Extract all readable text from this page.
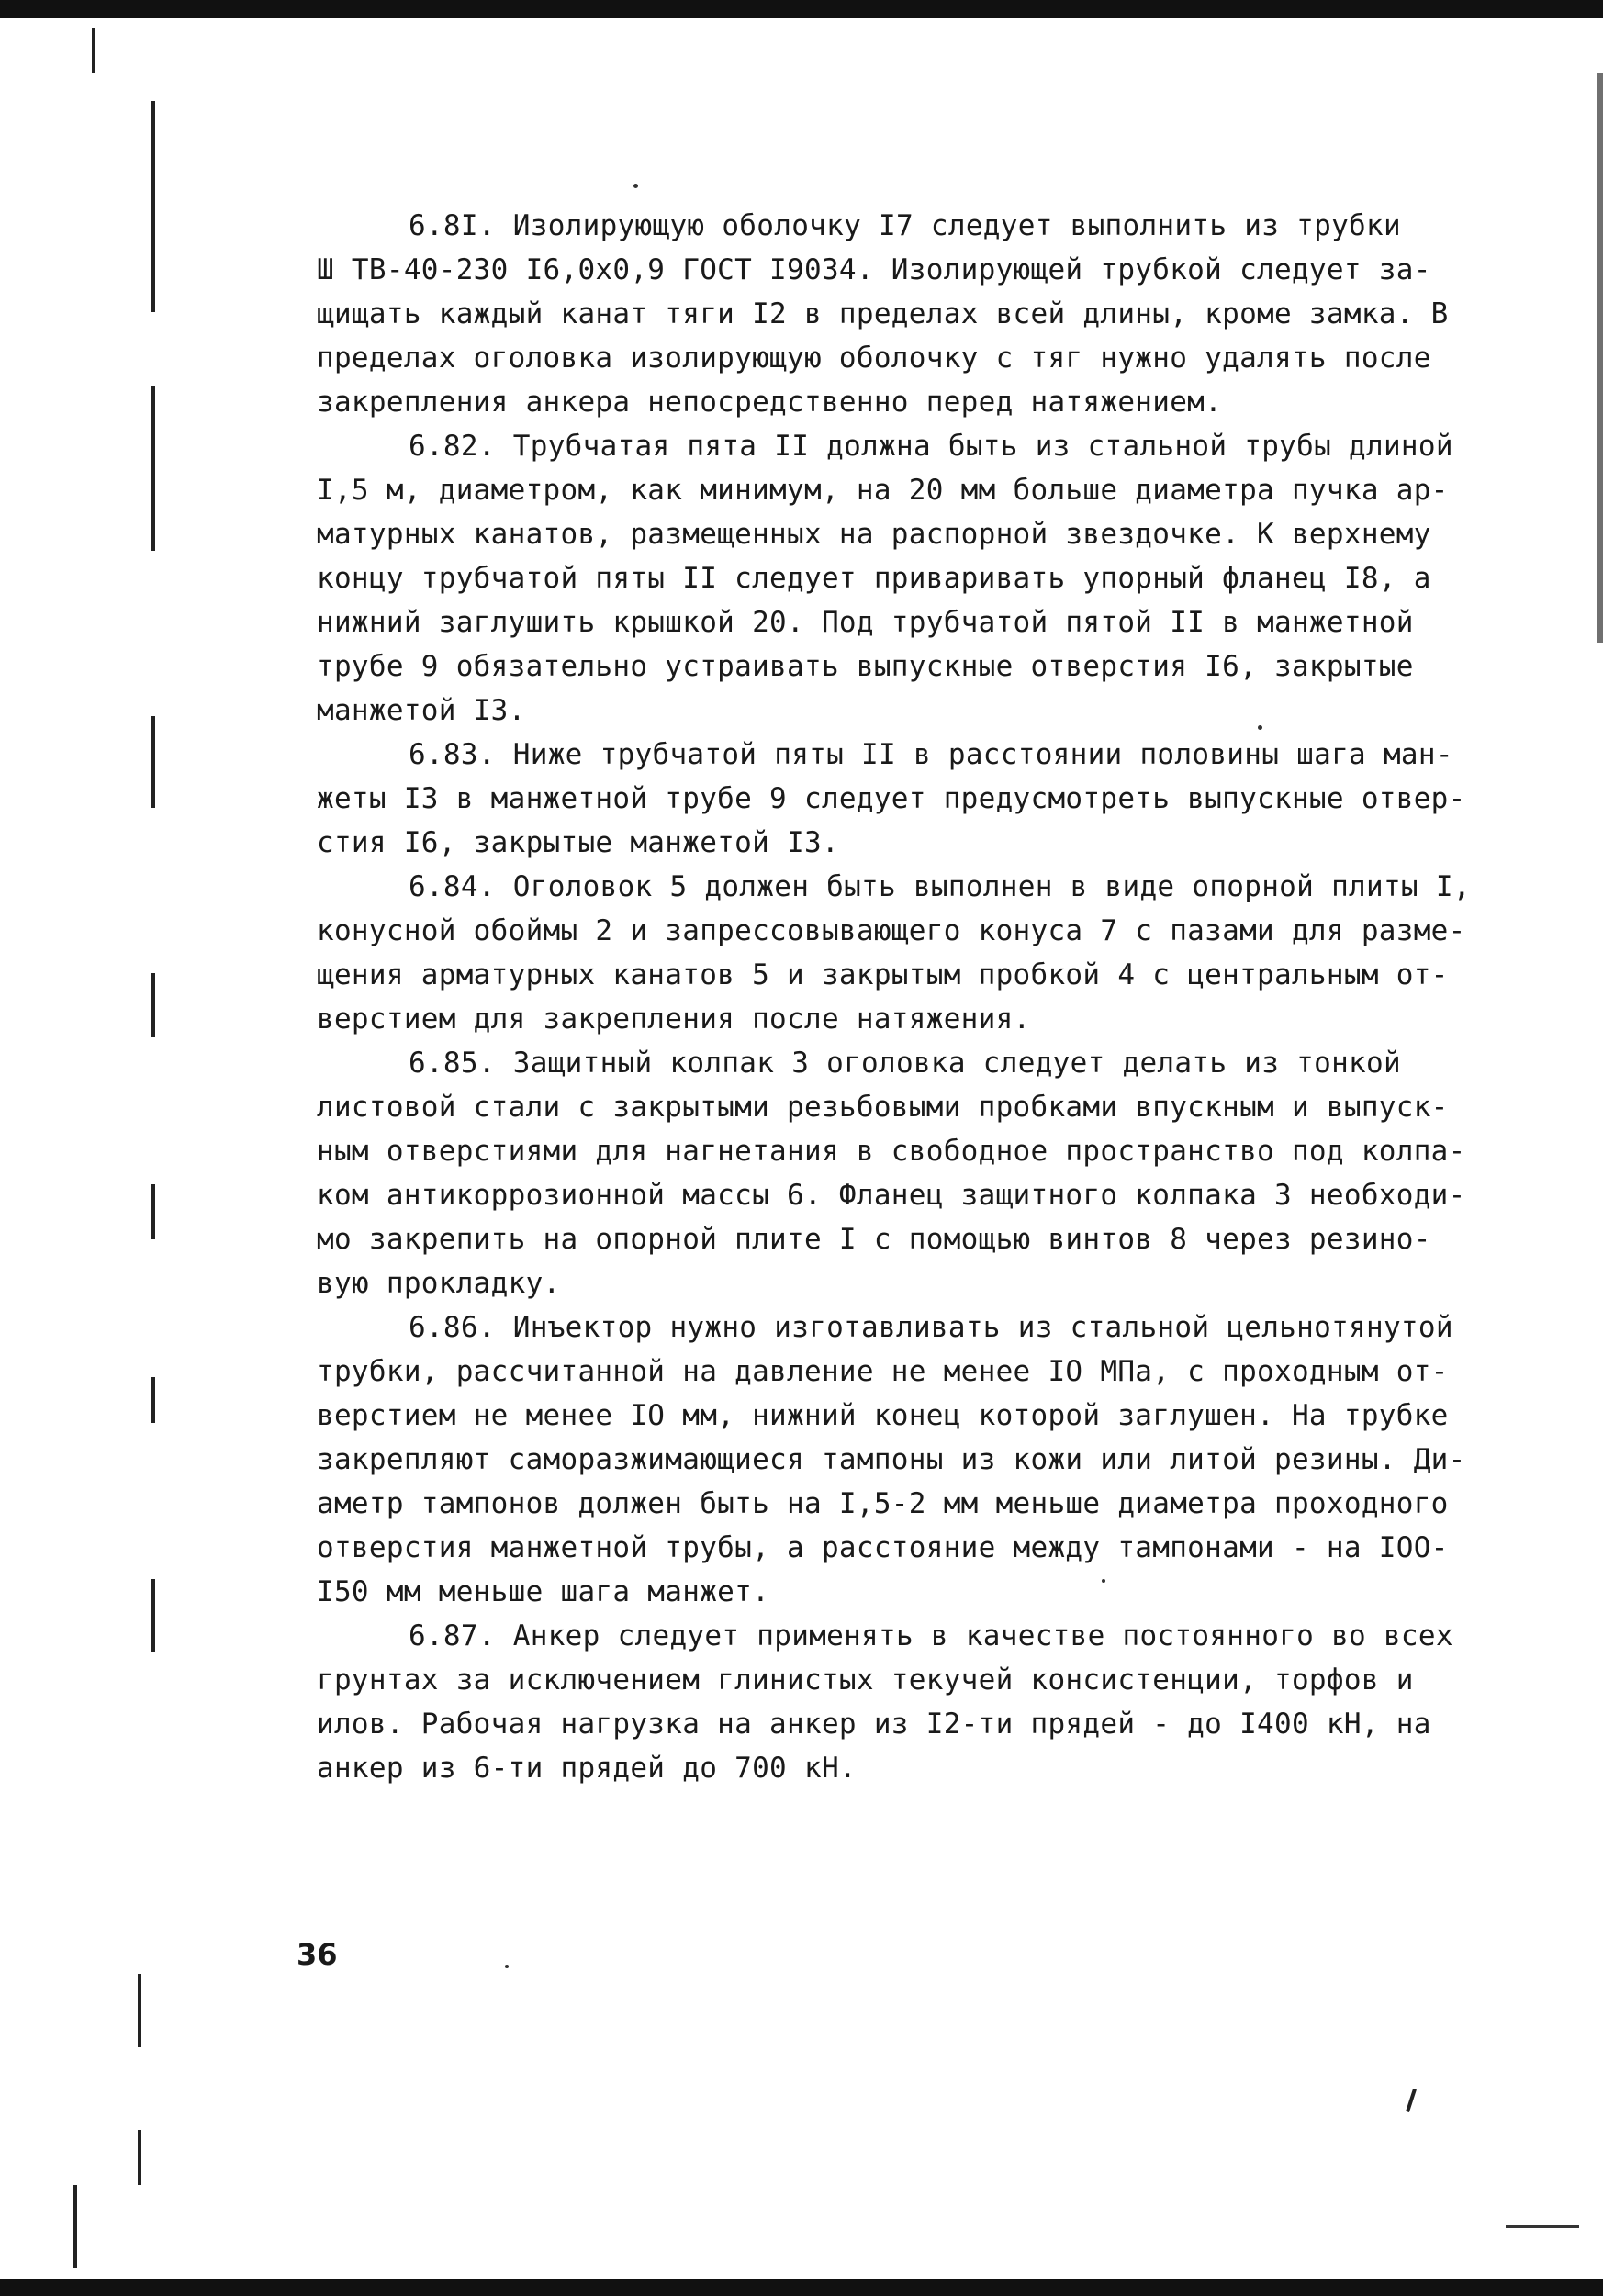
6.8I. Изолирующую оболочку I7 следует выполнить из трубки
Ш ТВ-40-230 I6,0х0,9 ГОСТ I9034. Изолирующей трубкой следует за-
щищать каждый канат тяги I2 в пределах всей длины, кроме замка. В
пределах оголовка изолирующую оболочку с тяг нужно удалять после
закрепления анкера непосредственно перед натяжением.
6.82. Трубчатая пята II должна быть из стальной трубы длиной
I,5 м, диаметром, как минимум, на 20 мм больше диаметра пучка ар-
матурных канатов, размещенных на распорной звездочке. К верхнему
концу трубчатой пяты II следует приваривать упорный фланец I8, а
нижний заглушить крышкой 20. Под трубчатой пятой II в манжетной
трубе 9 обязательно устраивать выпускные отверстия I6, закрытые
манжетой I3.
6.83. Ниже трубчатой пяты II в расстоянии половины шага ман-
жеты I3 в манжетной трубе 9 следует предусмотреть выпускные отвер-
стия I6, закрытые манжетой I3.
6.84. Оголовок 5 должен быть выполнен в виде опорной плиты I,
конусной обоймы 2 и запрессовывающего конуса 7 с пазами для разме-
щения арматурных канатов 5 и закрытым пробкой 4 с центральным от-
верстием для закрепления после натяжения.
6.85. Защитный колпак 3 оголовка следует делать из тонкой
листовой стали с закрытыми резьбовыми пробками впускным и выпуск-
ным отверстиями для нагнетания в свободное пространство под колпа-
ком антикоррозионной массы 6. Фланец защитного колпака 3 необходи-
мо закрепить на опорной плите I с помощью винтов 8 через резино-
вую прокладку.
6.86. Инъектор нужно изготавливать из стальной цельнотянутой
трубки, рассчитанной на давление не менее IO МПа, с проходным от-
верстием не менее IO мм, нижний конец которой заглушен. На трубке
закрепляют саморазжимающиеся тампоны из кожи или литой резины. Ди-
аметр тампонов должен быть на I,5-2 мм меньше диаметра проходного
отверстия манжетной трубы, а расстояние между тампонами - на IOO-
I50 мм меньше шага манжет.
6.87. Анкер следует применять в качестве постоянного во всех
грунтах за исключением глинистых текучей консистенции, торфов и
илов. Рабочая нагрузка на анкер из I2-ти прядей - до I400 кН, на
анкер из 6-ти прядей до 700 кН.
36
